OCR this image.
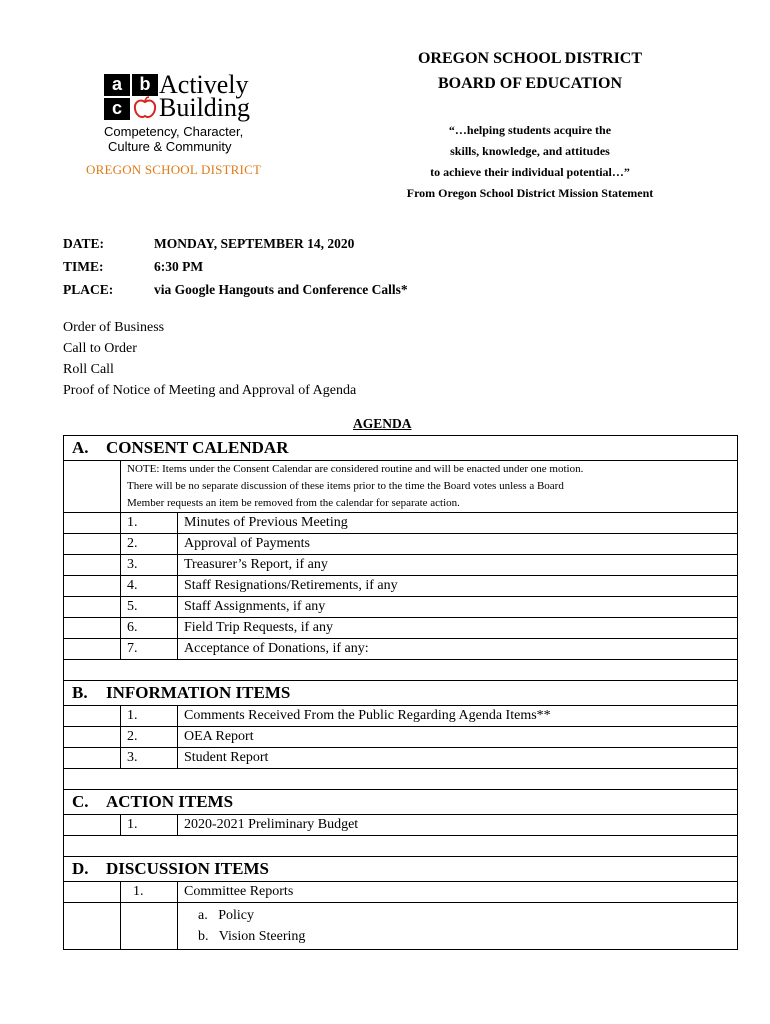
a b
c
Actively
Building
Competency, Character,
Culture & Community
OREGON SCHOOL DISTRICT
OREGON SCHOOL DISTRICT
BOARD OF EDUCATION
“…helping students acquire the
skills, knowledge, and attitudes
to achieve their individual potential…”
From Oregon School District Mission Statement
DATE:	MONDAY, SEPTEMBER 14, 2020
TIME:	6:30 PM
PLACE:	via Google Hangouts and Conference Calls*
Order of Business
Call to Order
Roll Call
Proof of Notice of Meeting and Approval of Agenda
AGENDA
A. CONSENT CALENDAR		

	NOTE: Items under the Consent Calendar are considered routine and will be enacted under one motion.
There will be no separate discussion of these items prior to the time the Board votes unless a Board
Member requests an item be removed from the calendar for separate action.	

	1.	Minutes of Previous Meeting
	2.	Approval of Payments
	3.	Treasurer’s Report, if any
	4.	Staff Resignations/Retirements, if any
	5.	Staff Assignments, if any
	6.	Field Trip Requests, if any
	7.	Acceptance of Donations, if any:

B. INFORMATION ITEMS		
	1.	Comments Received From the Public Regarding Agenda Items**
	2.	OEA Report
	3.	Student Report

C. ACTION ITEMS		
	1.	2020-2021 Preliminary Budget

D. DISCUSSION ITEMS		
	1.	Committee Reports

		a.   Policy
b.   Vision Steering
